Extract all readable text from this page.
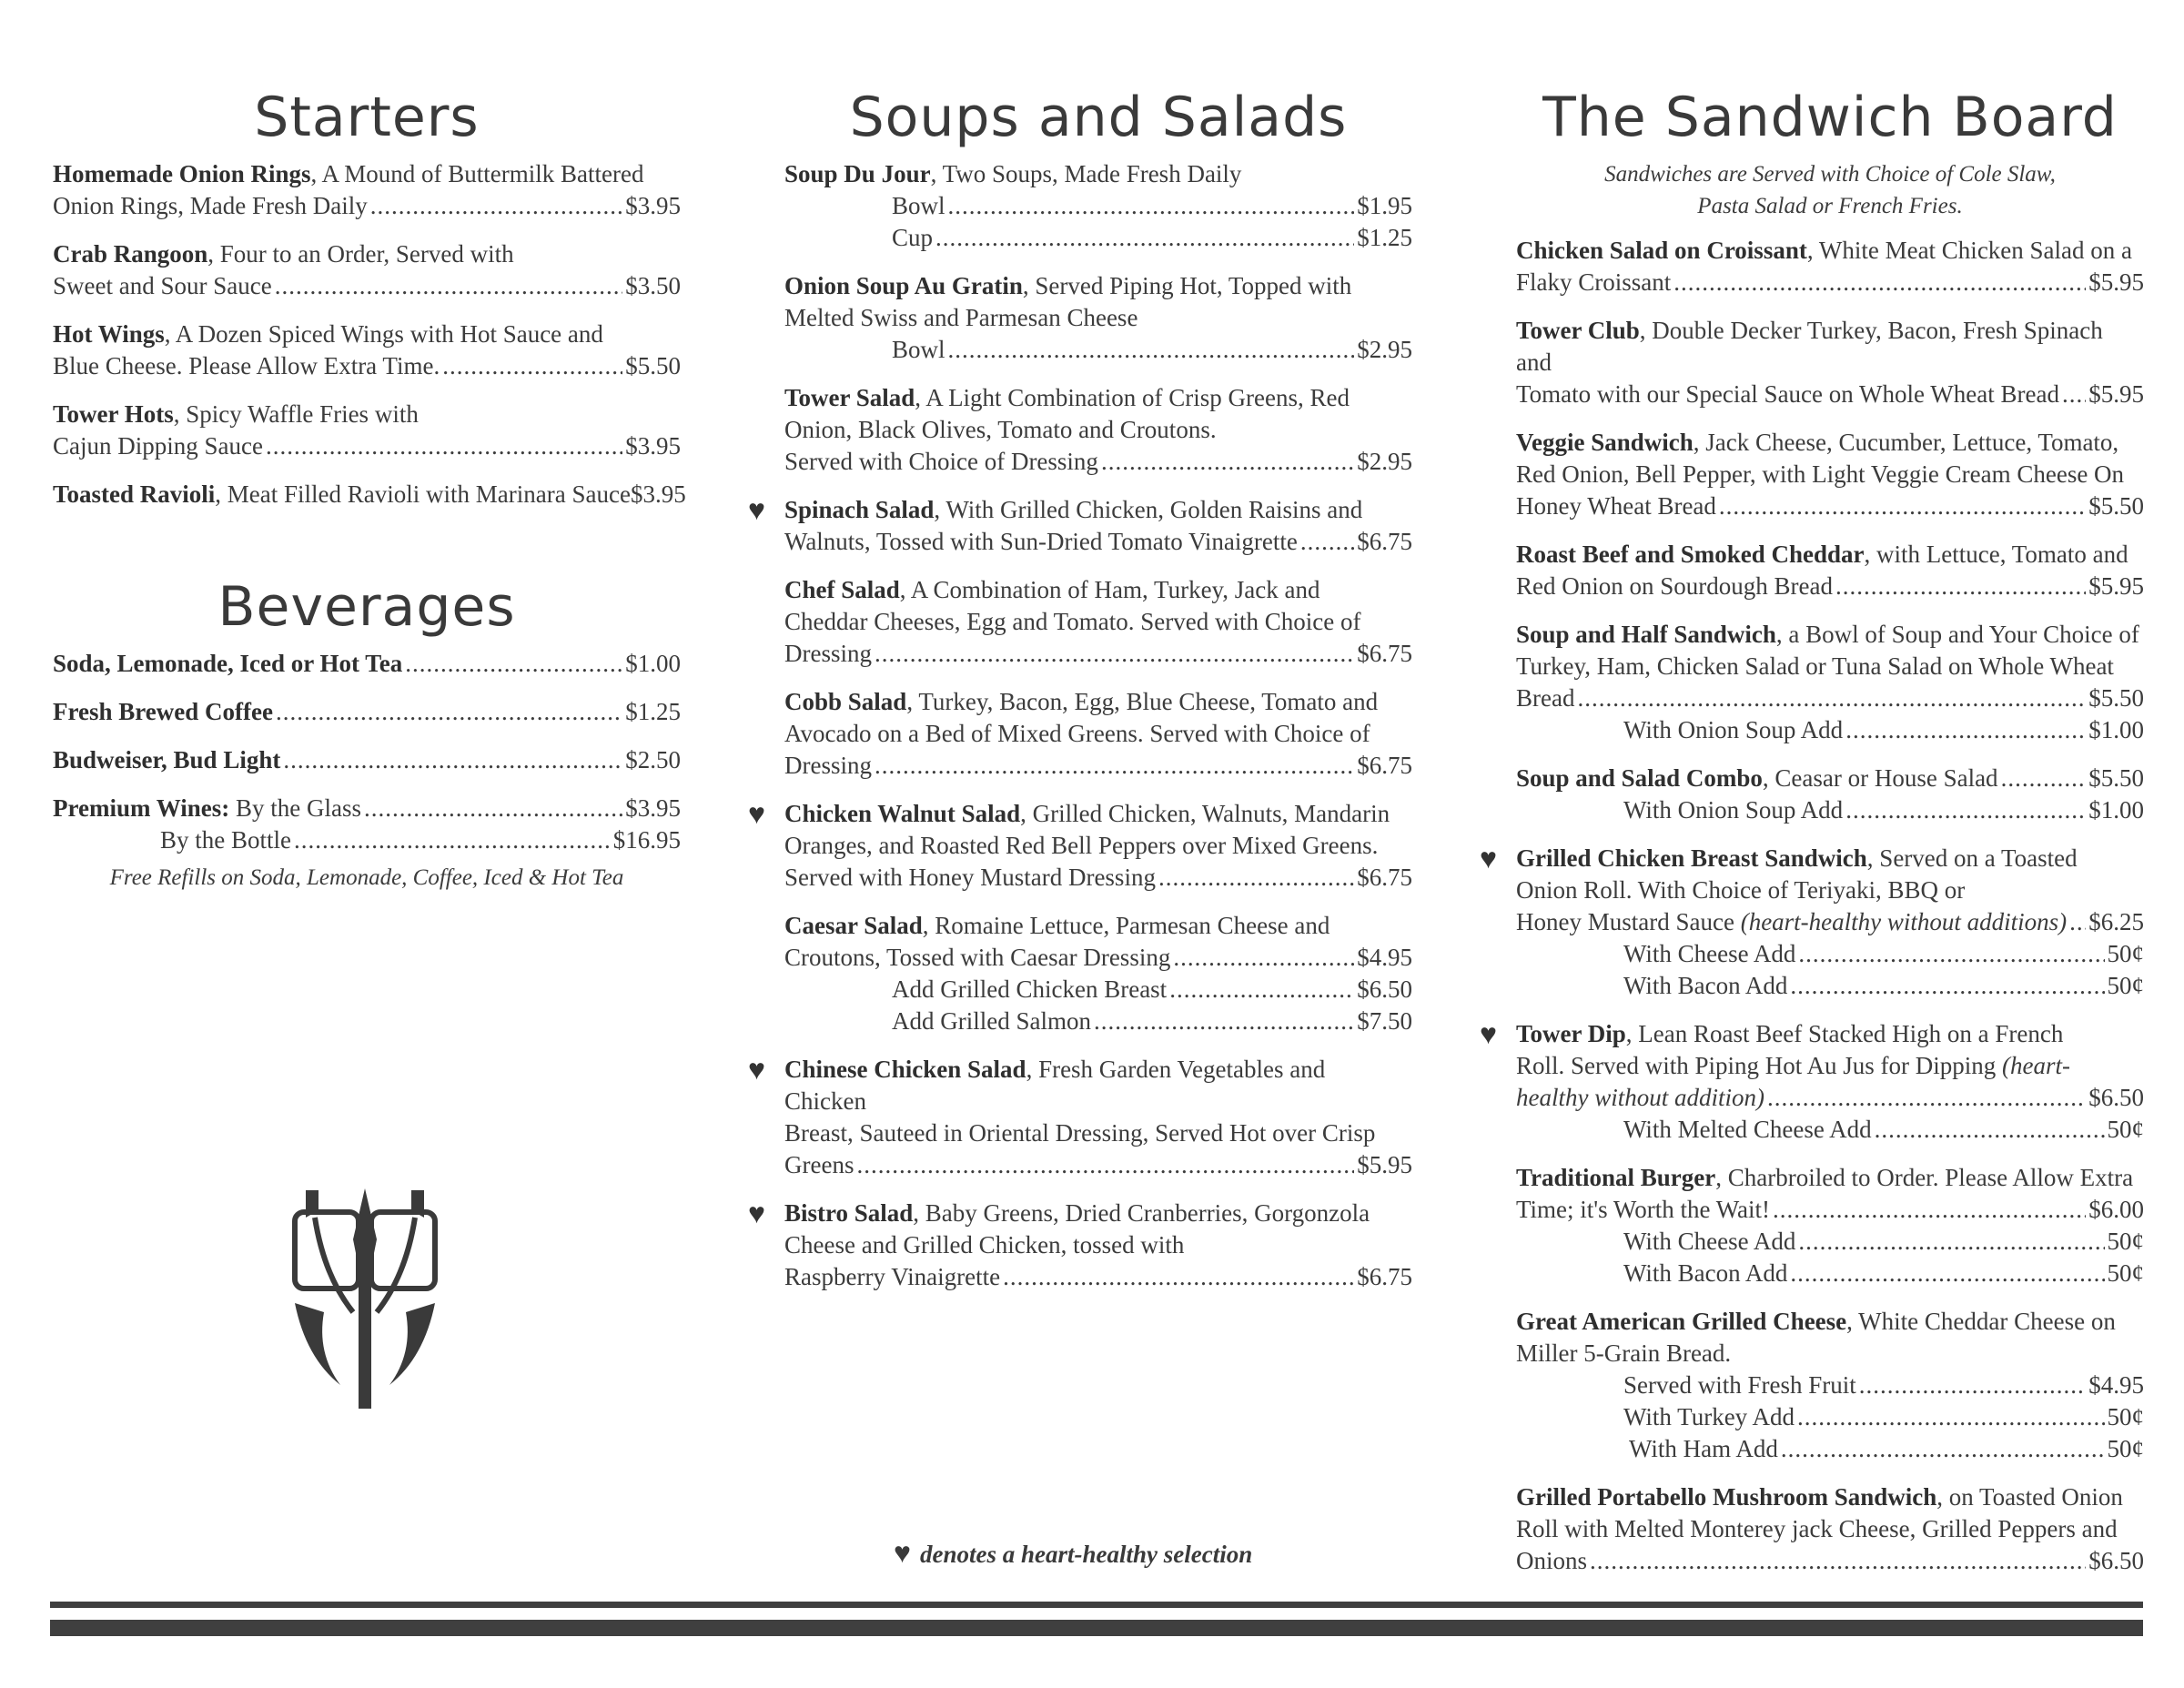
Starters
Homemade Onion Rings, A Mound of Buttermilk Battered
Onion Rings, Made Fresh Daily .....	$3.95
Crab Rangoon, Four to an Order, Served with
Sweet and Sour Sauce .....	$3.50
Hot Wings, A Dozen Spiced Wings with Hot Sauce and
Blue Cheese. Please Allow Extra Time. .....	$5.50
Tower Hots, Spicy Waffle Fries with
Cajun Dipping Sauce .....	$3.95
Toasted Ravioli, Meat Filled Ravioli with Marinara Sauce $3.95
Beverages
Soda, Lemonade, Iced or Hot Tea .....	$1.00
Fresh Brewed Coffee .....	$1.25
Budweiser, Bud Light .....	$2.50
Premium Wines: By the Glass .....	$3.95
By the Bottle .....	$16.95
Free Refills on Soda, Lemonade, Coffee, Iced & Hot Tea
Soups and Salads
Soup Du Jour, Two Soups, Made Fresh Daily
Bowl .....	$1.95
Cup .....	$1.25
Onion Soup Au Gratin, Served Piping Hot, Topped with
Melted Swiss and Parmesan Cheese
Bowl .....	$2.95
Tower Salad, A Light Combination of Crisp Greens, Red
Onion, Black Olives, Tomato and Croutons.
Served with Choice of Dressing .....	$2.95
♥ Spinach Salad, With Grilled Chicken, Golden Raisins and
Walnuts, Tossed with Sun-Dried Tomato Vinaigrette ..... $6.75
Chef Salad, A Combination of Ham, Turkey, Jack and
Cheddar Cheeses, Egg and Tomato. Served with Choice of
Dressing .....	$6.75
Cobb Salad, Turkey, Bacon, Egg, Blue Cheese, Tomato and
Avocado on a Bed of Mixed Greens. Served with Choice of
Dressing .....	$6.75
♥ Chicken Walnut Salad, Grilled Chicken, Walnuts, Mandarin
Oranges, and Roasted Red Bell Peppers over Mixed Greens.
Served with Honey Mustard Dressing .....	$6.75
Caesar Salad, Romaine Lettuce, Parmesan Cheese and
Croutons, Tossed with Caesar Dressing .....	$4.95
Add Grilled Chicken Breast .....	$6.50
Add Grilled Salmon .....	$7.50
♥ Chinese Chicken Salad, Fresh Garden Vegetables and Chicken
Breast, Sauteed in Oriental Dressing, Served Hot over Crisp
Greens .....	$5.95
♥ Bistro Salad, Baby Greens, Dried Cranberries, Gorgonzola
Cheese and Grilled Chicken, tossed with
Raspberry Vinaigrette .....	$6.75
♥ denotes a heart-healthy selection
The Sandwich Board
Sandwiches are Served with Choice of Cole Slaw,
Pasta Salad or French Fries.
Chicken Salad on Croissant, White Meat Chicken Salad on a
Flaky Croissant .....	$5.95
Tower Club, Double Decker Turkey, Bacon, Fresh Spinach and
Tomato with our Special Sauce on Whole Wheat Bread ..... $5.95
Veggie Sandwich, Jack Cheese, Cucumber, Lettuce, Tomato,
Red Onion, Bell Pepper, with Light Veggie Cream Cheese On
Honey Wheat Bread .....	$5.50
Roast Beef and Smoked Cheddar, with Lettuce, Tomato and
Red Onion on Sourdough Bread .....	$5.95
Soup and Half Sandwich, a Bowl of Soup and Your Choice of
Turkey, Ham, Chicken Salad or Tuna Salad on Whole Wheat
Bread .....	$5.50
With Onion Soup Add .....	$1.00
Soup and Salad Combo, Ceasar or House Salad .....	$5.50
With Onion Soup Add .....	$1.00
♥ Grilled Chicken Breast Sandwich, Served on a Toasted
Onion Roll. With Choice of Teriyaki, BBQ or
Honey Mustard Sauce (heart-healthy without additions) ..... $6.25
With Cheese Add .....	50¢
With Bacon Add .....	50¢
♥ Tower Dip, Lean Roast Beef Stacked High on a French
Roll. Served with Piping Hot Au Jus for Dipping (heart-
healthy without addition) .....	$6.50
With Melted Cheese Add .....	50¢
Traditional Burger, Charbroiled to Order. Please Allow Extra
Time; it's Worth the Wait! .....	$6.00
With Cheese Add .....	50¢
With Bacon Add .....	50¢
Great American Grilled Cheese, White Cheddar Cheese on
Miller 5-Grain Bread.
Served with Fresh Fruit .....	$4.95
With Turkey Add .....	50¢
With Ham Add .....	50¢
Grilled Portabello Mushroom Sandwich, on Toasted Onion
Roll with Melted Monterey jack Cheese, Grilled Peppers and
Onions .....	$6.50
